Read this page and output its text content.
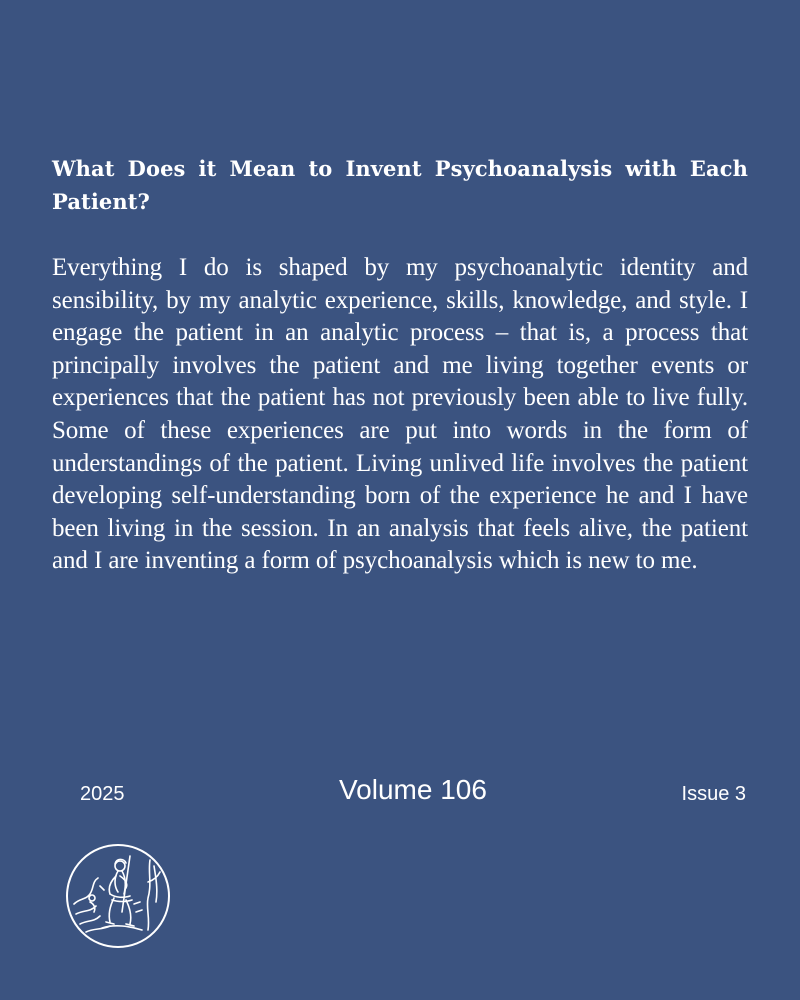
What Does it Mean to Invent Psychoanalysis with Each Patient?

Everything I do is shaped by my psychoanalytic identity and sensibility, by my analytic experience, skills, knowledge, and style. I engage the patient in an analytic process – that is, a process that principally involves the patient and me living together events or experiences that the patient has not previously been able to live fully. Some of these experiences are put into words in the form of understandings of the patient. Living unlived life involves the patient developing self-understanding born of the experience he and I have been living in the session. In an analysis that feels alive, the patient and I are inventing a form of psychoanalysis which is new to me.

2025	Volume 106	Issue 3
